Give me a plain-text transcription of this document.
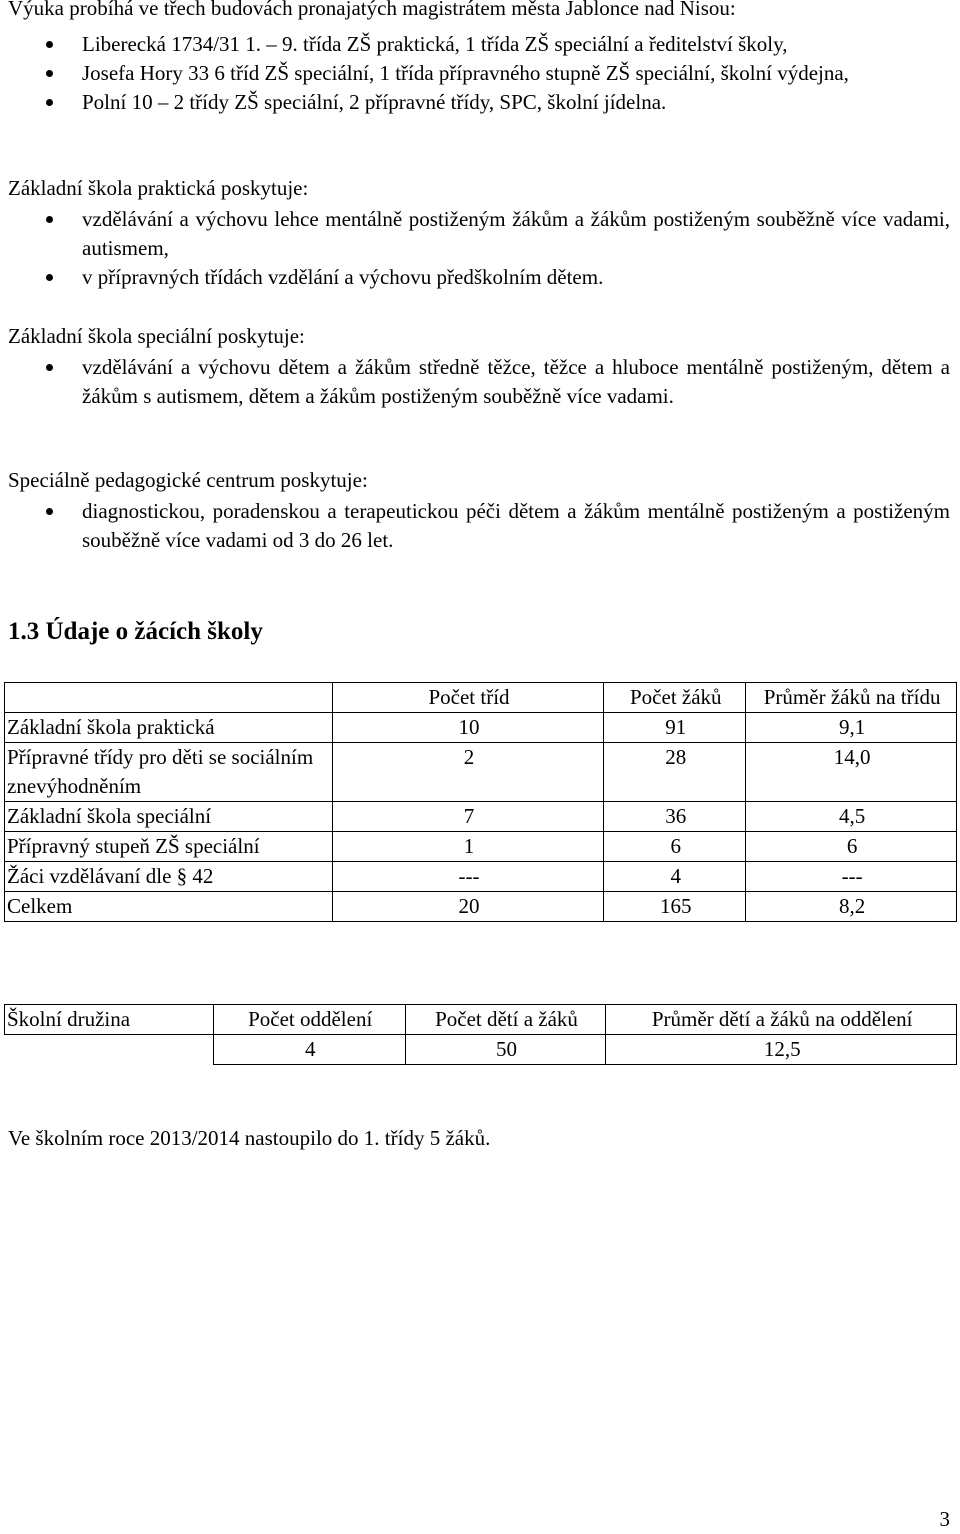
Výuka probíhá ve třech budovách pronajatých magistrátem města Jablonce nad Nisou:

Liberecká 1734/31 1. – 9. třída ZŠ praktická, 1 třída ZŠ speciální a ředitelství školy,
Josefa Hory 33 6 tříd ZŠ speciální, 1 třída přípravného stupně ZŠ speciální, školní výdejna,
Polní 10 – 2 třídy ZŠ speciální, 2 přípravné třídy, SPC, školní jídelna.

Základní škola praktická poskytuje:

vzdělávání a výchovu lehce mentálně postiženým žákům a žákům postiženým souběžně více vadami, autismem,
v přípravných třídách vzdělání a výchovu předškolním dětem.

Základní škola speciální poskytuje:

vzdělávání a výchovu dětem a žákům středně těžce, těžce a hluboce mentálně postiženým, dětem a žákům s autismem, dětem a žákům postiženým souběžně více vadami.

Speciálně pedagogické centrum poskytuje:

diagnostickou, poradenskou a terapeutickou péči dětem a žákům mentálně postiženým a postiženým souběžně více vadami od 3 do 26 let.
1.3 Údaje o žácích školy
	Počet tříd	Počet žáků	Průměr žáků na třídu
Základní škola praktická	10	91	9,1
Přípravné třídy pro děti se sociálním znevýhodněním	2	28	14,0
Základní škola speciální	7	36	4,5
Přípravný stupeň ZŠ speciální	1	6	6
Žáci vzdělávaní dle § 42	---	4	---
Celkem	20	165	8,2
Školní družina	Počet oddělení	Počet dětí a žáků	Průměr dětí a žáků na oddělení
	4	50	12,5

Ve školním roce 2013/2014 nastoupilo do 1. třídy 5 žáků.

3
